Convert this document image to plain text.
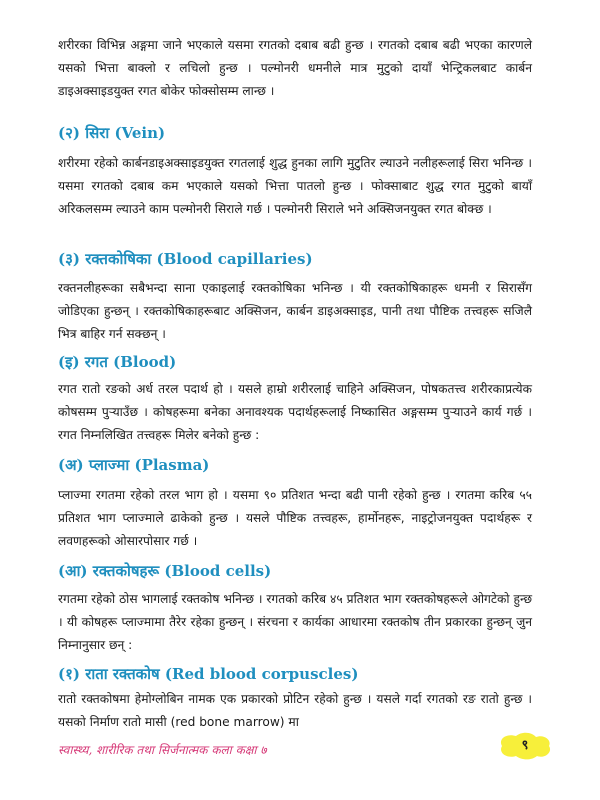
शरीरका विभिन्न अङ्गमा जाने भएकाले यसमा रगतको दबाब बढी हुन्छ । रगतको दबाब बढी भएका कारणले यसको भित्ता बाक्लो र लचिलो हुन्छ । पल्मोनरी धमनीले मात्र मुटुको दायाँ भेन्ट्रिकलबाट कार्बन डाइअक्साइडयुक्त रगत बोकेर फोक्सोसम्म लान्छ ।

(२) सिरा (Vein)

शरीरमा रहेको कार्बनडाइअक्साइडयुक्त रगतलाई शुद्ध हुनका लागि मुटुतिर ल्याउने नलीहरूलाई सिरा भनिन्छ । यसमा रगतको दबाब कम भएकाले यसको भित्ता पातलो हुन्छ । फोक्साबाट शुद्ध रगत मुटुको बायाँ अरिकलसम्म ल्याउने काम पल्मोनरी सिराले गर्छ । पल्मोनरी सिराले भने अक्सिजनयुक्त रगत बोक्छ ।

(३) रक्तकोषिका (Blood capillaries)

रक्तनलीहरूका सबैभन्दा साना एकाइलाई रक्तकोषिका भनिन्छ । यी रक्तकोषिकाहरू धमनी र सिरासँग जोडिएका हुन्छन् । रक्तकोषिकाहरूबाट अक्सिजन, कार्बन डाइअक्साइड, पानी तथा पौष्टिक तत्त्वहरू सजिलै भित्र बाहिर गर्न सक्छन् ।

(इ) रगत (Blood)

रगत रातो रङको अर्ध तरल पदार्थ हो । यसले हाम्रो शरीरलाई चाहिने अक्सिजन, पोषकतत्त्व शरीरकाप्रत्येक कोषसम्म पुऱ्याउँछ । कोषहरूमा बनेका अनावश्यक पदार्थहरूलाई निष्कासित अङ्गसम्म पुऱ्याउने कार्य गर्छ । रगत निम्नलिखित तत्त्वहरू मिलेर बनेको हुन्छ :

(अ) प्लाज्मा (Plasma)

प्लाज्मा रगतमा रहेको तरल भाग हो । यसमा ९० प्रतिशत भन्दा बढी पानी रहेको हुन्छ । रगतमा करिब ५५ प्रतिशत भाग प्लाज्माले ढाकेको हुन्छ । यसले पौष्टिक तत्त्वहरू, हार्मोनहरू, नाइट्रोजनयुक्त पदार्थहरू र लवणहरूको ओसारपोसार गर्छ ।

(आ) रक्तकोषहरू (Blood cells)

रगतमा रहेको ठोस भागलाई रक्तकोष भनिन्छ । रगतको करिब ४५ प्रतिशत भाग रक्तकोषहरूले ओगटेको हुन्छ । यी कोषहरू प्लाज्मामा तैरेर रहेका हुन्छन् । संरचना र कार्यका आधारमा रक्तकोष तीन प्रकारका हुन्छन् जुन निम्नानुसार छन् :

(१) राता रक्तकोष (Red blood corpuscles)

रातो रक्तकोषमा हेमोग्लोबिन नामक एक प्रकारको प्रोटिन रहेको हुन्छ । यसले गर्दा रगतको रङ रातो हुन्छ । यसको निर्माण रातो मासी (red bone marrow) मा

स्वास्थ्य, शारीरिक तथा सिर्जनात्मक कला कक्षा ७	९
